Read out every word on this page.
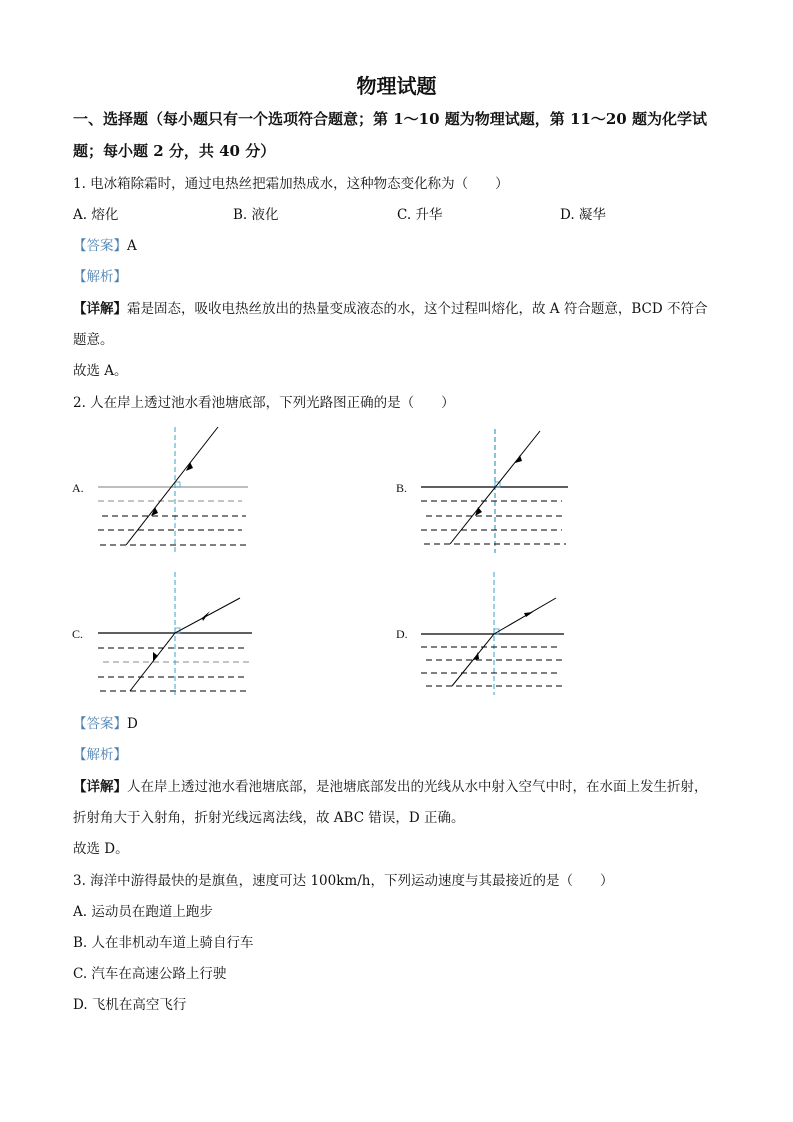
物理试题
一、选择题（每小题只有一个选项符合题意；第 1～10 题为物理试题，第 11～20 题为化学试
题；每小题 2 分，共 40 分）
1. 电冰箱除霜时，通过电热丝把霜加热成水，这种物态变化称为（　　）
A. 熔化	B. 液化	C. 升华	D. 凝华
【答案】A
【解析】
【详解】霜是固态，吸收电热丝放出的热量变成液态的水，这个过程叫熔化，故 A 符合题意，BCD 不符合
题意。
故选 A。
2. 人在岸上透过池水看池塘底部，下列光路图正确的是（　　）
A.	B.
C.	D.
【答案】D
【解析】
【详解】人在岸上透过池水看池塘底部，是池塘底部发出的光线从水中射入空气中时，在水面上发生折射，
折射角大于入射角，折射光线远离法线，故 ABC 错误，D 正确。
故选 D。
3. 海洋中游得最快的是旗鱼，速度可达 100km/h，下列运动速度与其最接近的是（　　）
A. 运动员在跑道上跑步
B. 人在非机动车道上骑自行车
C. 汽车在高速公路上行驶
D. 飞机在高空飞行
